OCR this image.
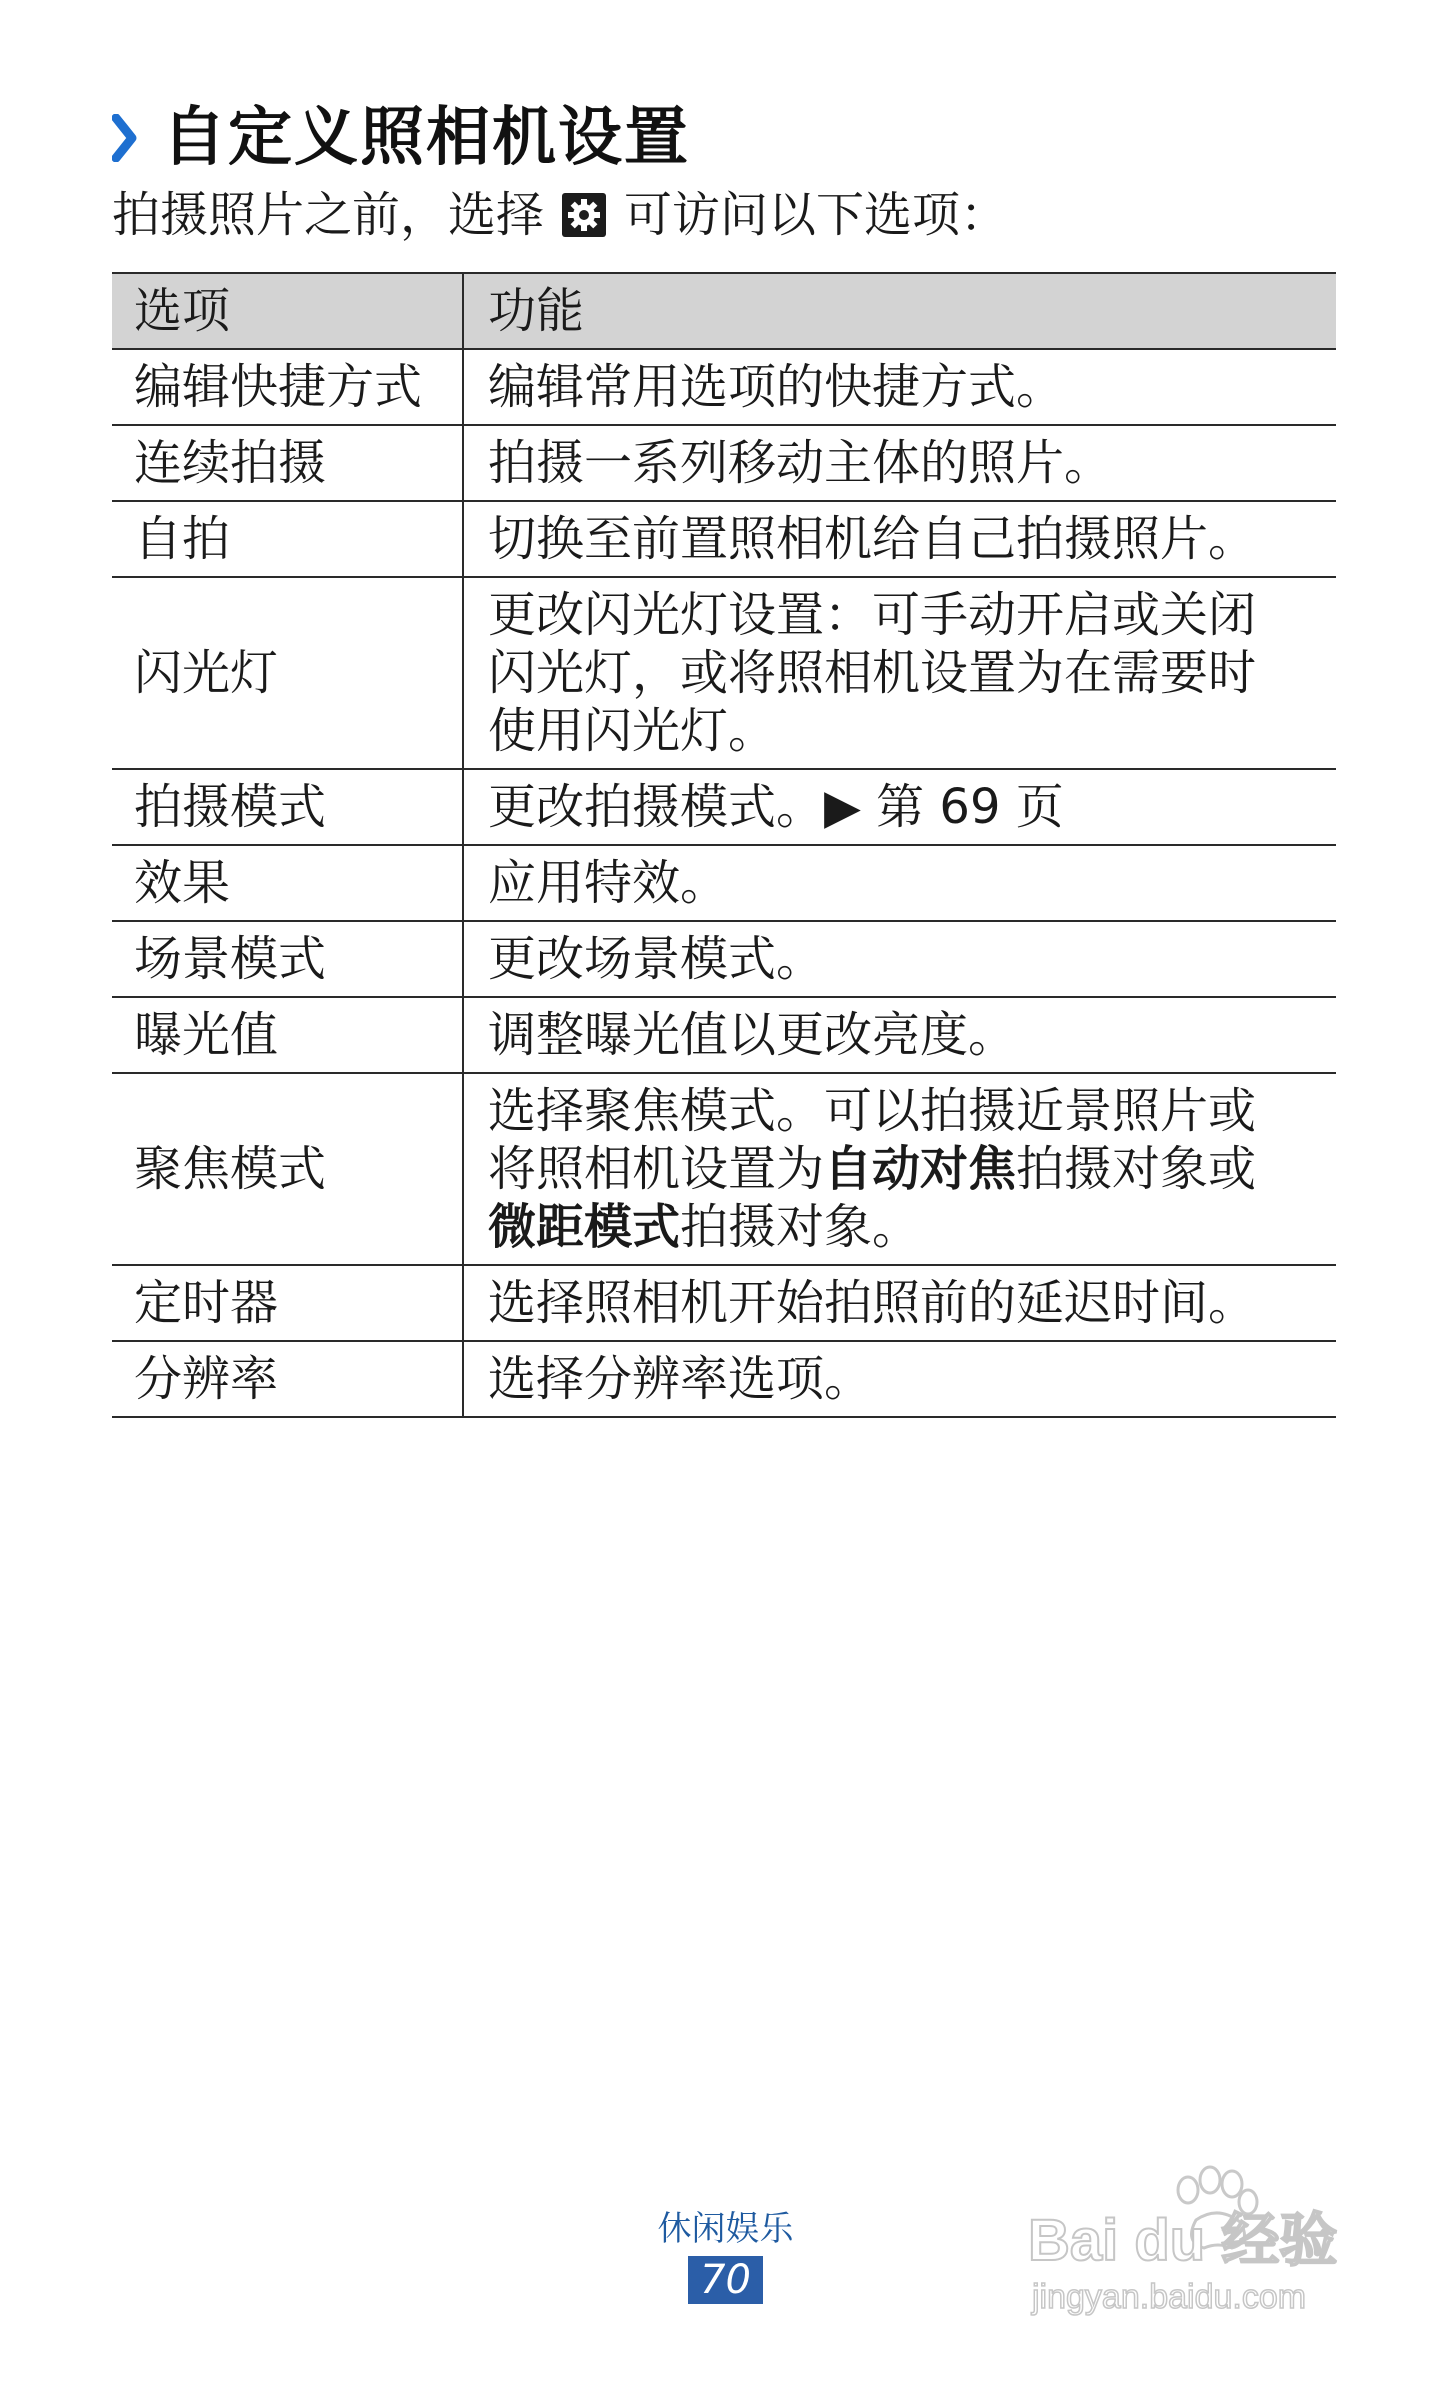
自定义照相机设置
拍摄照片之前，选择 可访问以下选项：
选项	功能
编辑快捷方式	编辑常用选项的快捷方式。
连续拍摄	拍摄一系列移动主体的照片。
自拍	切换至前置照相机给自己拍摄照片。
闪光灯	更改闪光灯设置：可手动开启或关闭
闪光灯，或将照相机设置为在需要时
使用闪光灯。
拍摄模式	更改拍摄模式。▶ 第 69 页
效果	应用特效。
场景模式	更改场景模式。
曝光值	调整曝光值以更改亮度。
聚焦模式	选择聚焦模式。可以拍摄近景照片或
将照相机设置为自动对焦拍摄对象或
微距模式拍摄对象。
定时器	选择照相机开始拍照前的延迟时间。
分辨率	选择分辨率选项。
休闲娱乐
70
Bai du 经验
jingyan.baidu.com
